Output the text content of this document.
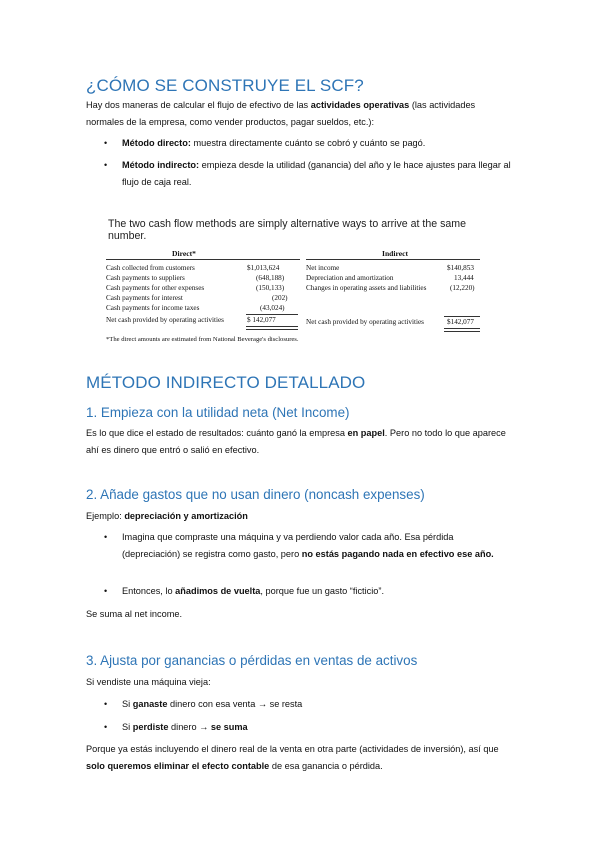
¿CÓMO SE CONSTRUYE EL SCF?

Hay dos maneras de calcular el flujo de efectivo de las actividades operativas (las actividades normales de la empresa, como vender productos, pagar sueldos, etc.):

• Método directo: muestra directamente cuánto se cobró y cuánto se pagó.
• Método indirecto: empieza desde la utilidad (ganancia) del año y le hace ajustes para llegar al flujo de caja real.
The two cash flow methods are simply alternative ways to arrive at the same number.
Direct*	Indirect
Cash collected from customers	$1,013,624
Cash payments to suppliers	(648,188)
Cash payments for other expenses	(150,133)
Cash payments for interest	(202)
Cash payments for income taxes	(43,024)
Net cash provided by operating activities	$ 142,077
Net income	$140,853
Depreciation and amortization	13,444
Changes in operating assets and liabilities	(12,220)
Net cash provided by operating activities	$142,077
*The direct amounts are estimated from National Beverage's disclosures.
MÉTODO INDIRECTO DETALLADO
1. Empieza con la utilidad neta (Net Income)

Es lo que dice el estado de resultados: cuánto ganó la empresa en papel. Pero no todo lo que aparece ahí es dinero que entró o salió en efectivo.

2. Añade gastos que no usan dinero (noncash expenses)

Ejemplo: depreciación y amortización

• Imagina que compraste una máquina y va perdiendo valor cada año. Esa pérdida (depreciación) se registra como gasto, pero no estás pagando nada en efectivo ese año.
• Entonces, lo añadimos de vuelta, porque fue un gasto “ficticio”.

Se suma al net income.

3. Ajusta por ganancias o pérdidas en ventas de activos

Si vendiste una máquina vieja:

• Si ganaste dinero con esa venta → se resta
• Si perdiste dinero → se suma

Porque ya estás incluyendo el dinero real de la venta en otra parte (actividades de inversión), así que solo queremos eliminar el efecto contable de esa ganancia o pérdida.
